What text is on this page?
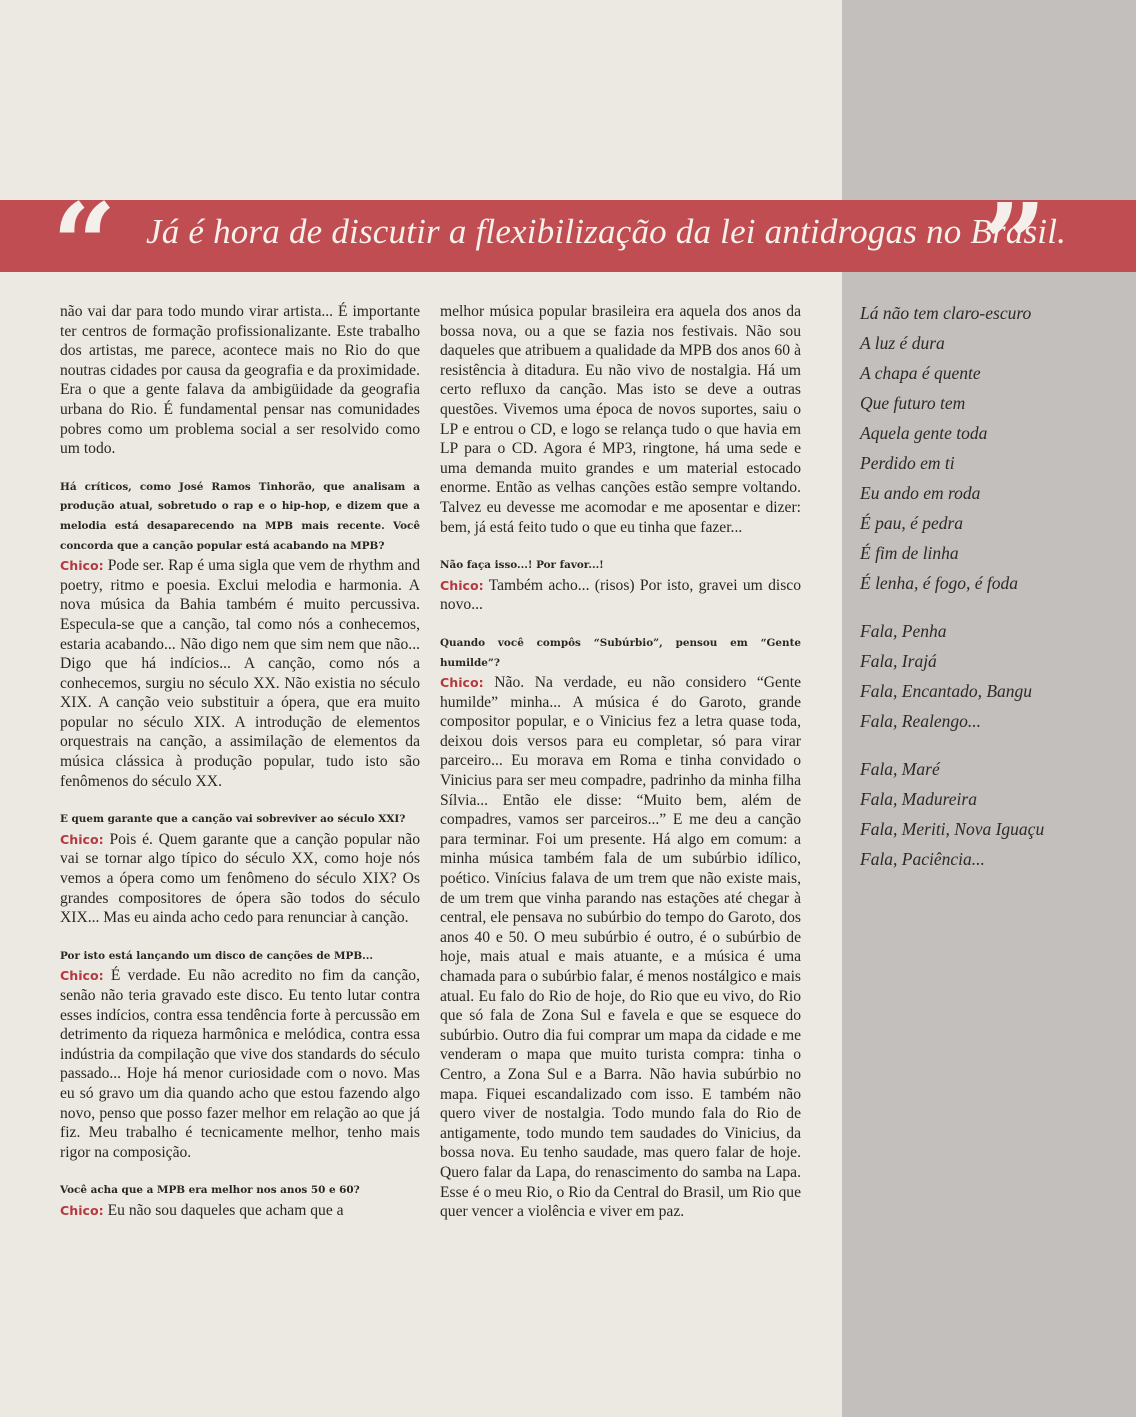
“ Já é hora de discutir a flexibilização da lei antidrogas no Brasil.
”

não vai dar para todo mundo virar artista... É importante ter centros de formação profissionalizante. Este trabalho dos artistas, me parece, acontece mais no Rio do que noutras cidades por causa da geografia e da proximidade. Era o que a gente falava da ambigüidade da geografia urbana do Rio. É fundamental pensar nas comunidades pobres como um problema social a ser resolvido como um todo.

Há críticos, como José Ramos Tinhorão, que analisam a produção atual, sobretudo o rap e o hip-hop, e dizem que a melodia está desaparecendo na MPB mais recente. Você concorda que a canção popular está acabando na MPB?
Chico: Pode ser. Rap é uma sigla que vem de rhythm and poetry, ritmo e poesia. Exclui melodia e harmonia. A nova música da Bahia também é muito percussiva. Especula-se que a canção, tal como nós a conhecemos, estaria acabando... Não digo nem que sim nem que não... Digo que há indícios... A canção, como nós a conhecemos, surgiu no século XX. Não existia no século XIX. A canção veio substituir a ópera, que era muito popular no século XIX. A introdução de elementos orquestrais na canção, a assimilação de elementos da música clássica à produção popular, tudo isto são fenômenos do século XX.

E quem garante que a canção vai sobreviver ao século XXI?
Chico: Pois é. Quem garante que a canção popular não vai se tornar algo típico do século XX, como hoje nós vemos a ópera como um fenômeno do século XIX? Os grandes compositores de ópera são todos do século XIX... Mas eu ainda acho cedo para renunciar à canção.

Por isto está lançando um disco de canções de MPB...
Chico: É verdade. Eu não acredito no fim da canção, senão não teria gravado este disco. Eu tento lutar contra esses indícios, contra essa tendência forte à percussão em detrimento da riqueza harmônica e melódica, contra essa indústria da compilação que vive dos standards do século passado... Hoje há menor curiosidade com o novo. Mas eu só gravo um dia quando acho que estou fazendo algo novo, penso que posso fazer melhor em relação ao que já fiz. Meu trabalho é tecnicamente melhor, tenho mais rigor na composição.

Você acha que a MPB era melhor nos anos 50 e 60?
Chico: Eu não sou daqueles que acham que a

melhor música popular brasileira era aquela dos anos da bossa nova, ou a que se fazia nos festivais. Não sou daqueles que atribuem a qualidade da MPB dos anos 60 à resistência à ditadura. Eu não vivo de nostalgia. Há um certo refluxo da canção. Mas isto se deve a outras questões. Vivemos uma época de novos suportes, saiu o LP e entrou o CD, e logo se relança tudo o que havia em LP para o CD. Agora é MP3, ringtone, há uma sede e uma demanda muito grandes e um material estocado enorme. Então as velhas canções estão sempre voltando. Talvez eu devesse me acomodar e me aposentar e dizer: bem, já está feito tudo o que eu tinha que fazer...

Não faça isso...! Por favor...!
Chico: Também acho... (risos) Por isto, gravei um disco novo...

Quando você compôs “Subúrbio”, pensou em “Gente humilde”?
Chico: Não. Na verdade, eu não considero “Gente humilde” minha... A música é do Garoto, grande compositor popular, e o Vinicius fez a letra quase toda, deixou dois versos para eu completar, só para virar parceiro... Eu morava em Roma e tinha convidado o Vinicius para ser meu compadre, padrinho da minha filha Sílvia... Então ele disse: “Muito bem, além de compadres, vamos ser parceiros...” E me deu a canção para terminar. Foi um presente. Há algo em comum: a minha música também fala de um subúrbio idílico, poético. Vinícius falava de um trem que não existe mais, de um trem que vinha parando nas estações até chegar à central, ele pensava no subúrbio do tempo do Garoto, dos anos 40 e 50. O meu subúrbio é outro, é o subúrbio de hoje, mais atual e mais atuante, e a música é uma chamada para o subúrbio falar, é menos nostálgico e mais atual. Eu falo do Rio de hoje, do Rio que eu vivo, do Rio que só fala de Zona Sul e favela e que se esquece do subúrbio. Outro dia fui comprar um mapa da cidade e me venderam o mapa que muito turista compra: tinha o Centro, a Zona Sul e a Barra. Não havia subúrbio no mapa. Fiquei escandalizado com isso. E também não quero viver de nostalgia. Todo mundo fala do Rio de antigamente, todo mundo tem saudades do Vinicius, da bossa nova. Eu tenho saudade, mas quero falar de hoje. Quero falar da Lapa, do renascimento do samba na Lapa. Esse é o meu Rio, o Rio da Central do Brasil, um Rio que quer vencer a violência e viver em paz.

Lá não tem claro-escuro
A luz é dura
A chapa é quente
Que futuro tem
Aquela gente toda
Perdido em ti
Eu ando em roda
É pau, é pedra
É fim de linha
É lenha, é fogo, é foda
Fala, Penha
Fala, Irajá
Fala, Encantado, Bangu
Fala, Realengo...
Fala, Maré
Fala, Madureira
Fala, Meriti, Nova Iguaçu
Fala, Paciência...
